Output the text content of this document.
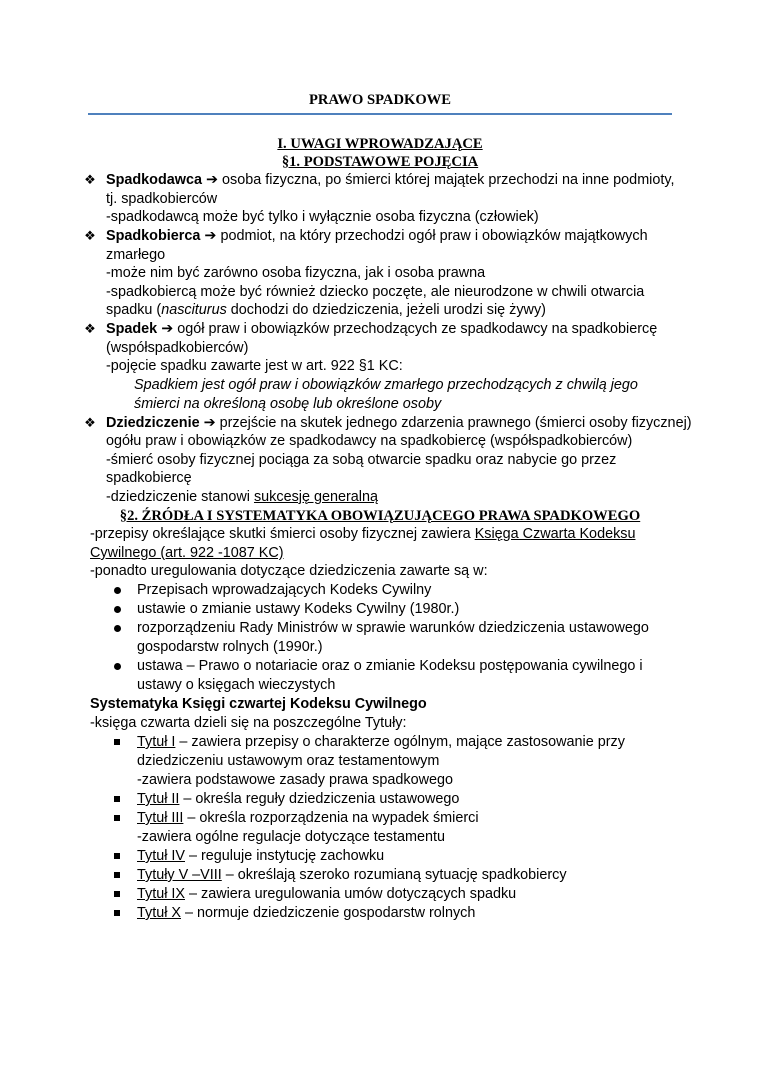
PRAWO SPADKOWE
I. UWAGI WPROWADZAJĄCE
§1. PODSTAWOWE POJĘCIA
❖ Spadkodawca ➔ osoba fizyczna, po śmierci której majątek przechodzi na inne podmioty,
tj. spadkobierców
-spadkodawcą może być tylko i wyłącznie osoba fizyczna (człowiek)
❖ Spadkobierca ➔ podmiot, na który przechodzi ogół praw i obowiązków majątkowych
zmarłego
-może nim być zarówno osoba fizyczna, jak i osoba prawna
-spadkobiercą może być również dziecko poczęte, ale nieurodzone w chwili otwarcia
spadku (nasciturus dochodzi do dziedziczenia, jeżeli urodzi się żywy)
❖ Spadek ➔ ogół praw i obowiązków przechodzących ze spadkodawcy na spadkobiercę
(współspadkobierców)
-pojęcie spadku zawarte jest w art. 922 §1 KC:
Spadkiem jest ogół praw i obowiązków zmarłego przechodzących z chwilą jego
śmierci na określoną osobę lub określone osoby
❖ Dziedziczenie ➔ przejście na skutek jednego zdarzenia prawnego (śmierci osoby fizycznej)
ogółu praw i obowiązków ze spadkodawcy na spadkobiercę (współspadkobierców)
-śmierć osoby fizycznej pociąga za sobą otwarcie spadku oraz nabycie go przez
spadkobiercę
-dziedziczenie stanowi sukcesję generalną
§2. ŹRÓDŁA I SYSTEMATYKA OBOWIĄZUJĄCEGO PRAWA SPADKOWEGO
-przepisy określające skutki śmierci osoby fizycznej zawiera Księga Czwarta Kodeksu
Cywilnego (art. 922 -1087 KC)
-ponadto uregulowania dotyczące dziedziczenia zawarte są w:
Przepisach wprowadzających Kodeks Cywilny
ustawie o zmianie ustawy Kodeks Cywilny (1980r.)
rozporządzeniu Rady Ministrów w sprawie warunków dziedziczenia ustawowego
gospodarstw rolnych (1990r.)
ustawa – Prawo o notariacie oraz o zmianie Kodeksu postępowania cywilnego i
ustawy o księgach wieczystych
Systematyka Księgi czwartej Kodeksu Cywilnego
-księga czwarta dzieli się na poszczególne Tytuły:
Tytuł I – zawiera przepisy o charakterze ogólnym, mające zastosowanie przy
dziedziczeniu ustawowym oraz testamentowym
-zawiera podstawowe zasady prawa spadkowego
Tytuł II – określa reguły dziedziczenia ustawowego
Tytuł III – określa rozporządzenia na wypadek śmierci
-zawiera ogólne regulacje dotyczące testamentu
Tytuł IV – reguluje instytucję zachowku
Tytuły V –VIII – określają szeroko rozumianą sytuację spadkobiercy
Tytuł IX – zawiera uregulowania umów dotyczących spadku
Tytuł X – normuje dziedziczenie gospodarstw rolnych
